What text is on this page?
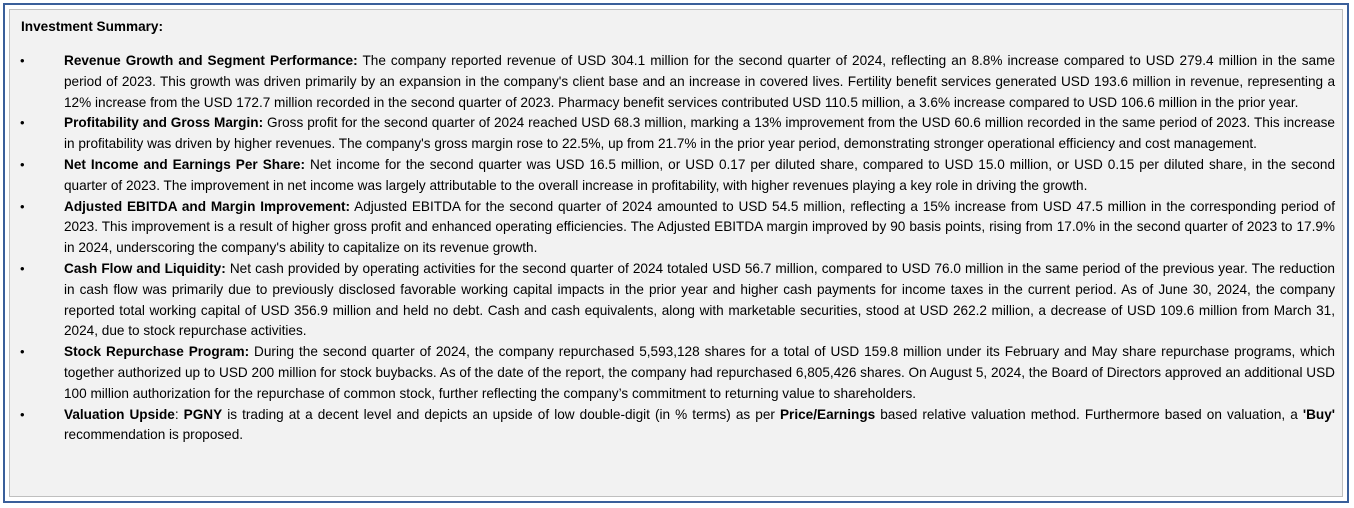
Investment Summary:
•	Revenue Growth and Segment Performance: The company reported revenue of USD 304.1 million for the second quarter of 2024, reflecting an 8.8% increase compared to USD 279.4 million in the same period of 2023. This growth was driven primarily by an expansion in the company's client base and an increase in covered lives. Fertility benefit services generated USD 193.6 million in revenue, representing a 12% increase from the USD 172.7 million recorded in the second quarter of 2023. Pharmacy benefit services contributed USD 110.5 million, a 3.6% increase compared to USD 106.6 million in the prior year.
•	Profitability and Gross Margin: Gross profit for the second quarter of 2024 reached USD 68.3 million, marking a 13% improvement from the USD 60.6 million recorded in the same period of 2023. This increase in profitability was driven by higher revenues. The company's gross margin rose to 22.5%, up from 21.7% in the prior year period, demonstrating stronger operational efficiency and cost management.
•	Net Income and Earnings Per Share: Net income for the second quarter was USD 16.5 million, or USD 0.17 per diluted share, compared to USD 15.0 million, or USD 0.15 per diluted share, in the second quarter of 2023. The improvement in net income was largely attributable to the overall increase in profitability, with higher revenues playing a key role in driving the growth.
•	Adjusted EBITDA and Margin Improvement: Adjusted EBITDA for the second quarter of 2024 amounted to USD 54.5 million, reflecting a 15% increase from USD 47.5 million in the corresponding period of 2023. This improvement is a result of higher gross profit and enhanced operating efficiencies. The Adjusted EBITDA margin improved by 90 basis points, rising from 17.0% in the second quarter of 2023 to 17.9% in 2024, underscoring the company's ability to capitalize on its revenue growth.
•	Cash Flow and Liquidity: Net cash provided by operating activities for the second quarter of 2024 totaled USD 56.7 million, compared to USD 76.0 million in the same period of the previous year. The reduction in cash flow was primarily due to previously disclosed favorable working capital impacts in the prior year and higher cash payments for income taxes in the current period. As of June 30, 2024, the company reported total working capital of USD 356.9 million and held no debt. Cash and cash equivalents, along with marketable securities, stood at USD 262.2 million, a decrease of USD 109.6 million from March 31, 2024, due to stock repurchase activities.
•	Stock Repurchase Program: During the second quarter of 2024, the company repurchased 5,593,128 shares for a total of USD 159.8 million under its February and May share repurchase programs, which together authorized up to USD 200 million for stock buybacks. As of the date of the report, the company had repurchased 6,805,426 shares. On August 5, 2024, the Board of Directors approved an additional USD 100 million authorization for the repurchase of common stock, further reflecting the company’s commitment to returning value to shareholders.
•	Valuation Upside: PGNY is trading at a decent level and depicts an upside of low double-digit (in % terms) as per Price/Earnings based relative valuation method. Furthermore based on valuation, a 'Buy' recommendation is proposed.
